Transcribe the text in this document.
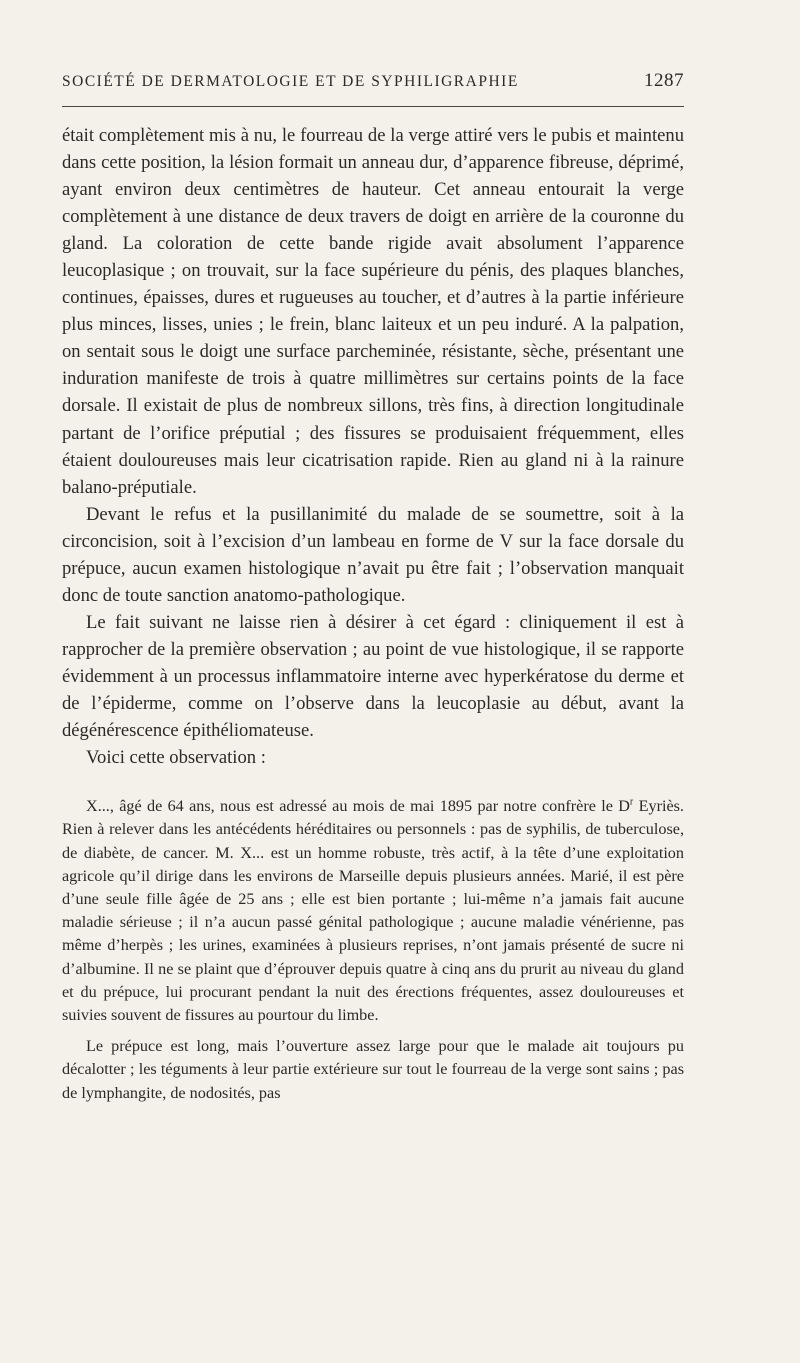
SOCIÉTÉ DE DERMATOLOGIE ET DE SYPHILIGRAPHIE	1287

était complètement mis à nu, le fourreau de la verge attiré vers le pubis et maintenu dans cette position, la lésion formait un anneau dur, d’apparence fibreuse, déprimé, ayant environ deux centimètres de hauteur. Cet anneau entourait la verge complètement à une distance de deux travers de doigt en arrière de la couronne du gland. La coloration de cette bande rigide avait absolument l’apparence leucoplasique ; on trouvait, sur la face supérieure du pénis, des plaques blanches, continues, épaisses, dures et rugueuses au toucher, et d’autres à la partie inférieure plus minces, lisses, unies ; le frein, blanc laiteux et un peu induré. A la palpation, on sentait sous le doigt une surface parcheminée, résistante, sèche, présentant une induration manifeste de trois à quatre millimètres sur certains points de la face dorsale. Il existait de plus de nombreux sillons, très fins, à direction longitudinale partant de l’orifice préputial ; des fissures se produisaient fréquemment, elles étaient douloureuses mais leur cicatrisation rapide. Rien au gland ni à la rainure balano-préputiale.

Devant le refus et la pusillanimité du malade de se soumettre, soit à la circoncision, soit à l’excision d’un lambeau en forme de V sur la face dorsale du prépuce, aucun examen histologique n’avait pu être fait ; l’observation manquait donc de toute sanction anatomo-pathologique.

Le fait suivant ne laisse rien à désirer à cet égard : cliniquement il est à rapprocher de la première observation ; au point de vue histologique, il se rapporte évidemment à un processus inflammatoire interne avec hyperkératose du derme et de l’épiderme, comme on l’observe dans la leucoplasie au début, avant la dégénérescence épithéliomateuse.

Voici cette observation :

X..., âgé de 64 ans, nous est adressé au mois de mai 1895 par notre confrère le $D^r$ Eyriès. Rien à relever dans les antécédents héréditaires ou personnels : pas de syphilis, de tuberculose, de diabète, de cancer. M. X... est un homme robuste, très actif, à la tête d’une exploitation agricole qu’il dirige dans les environs de Marseille depuis plusieurs années. Marié, il est père d’une seule fille âgée de 25 ans ; elle est bien portante ; lui-même n’a jamais fait aucune maladie sérieuse ; il n’a aucun passé génital pathologique ; aucune maladie vénérienne, pas même d’herpès ; les urines, examinées à plusieurs reprises, n’ont jamais présenté de sucre ni d’albumine. Il ne se plaint que d’éprouver depuis quatre à cinq ans du prurit au niveau du gland et du prépuce, lui procurant pendant la nuit des érections fréquentes, assez douloureuses et suivies souvent de fissures au pourtour du limbe.

Le prépuce est long, mais l’ouverture assez large pour que le malade ait toujours pu décalotter ; les téguments à leur partie extérieure sur tout le fourreau de la verge sont sains ; pas de lymphangite, de nodosités, pas
